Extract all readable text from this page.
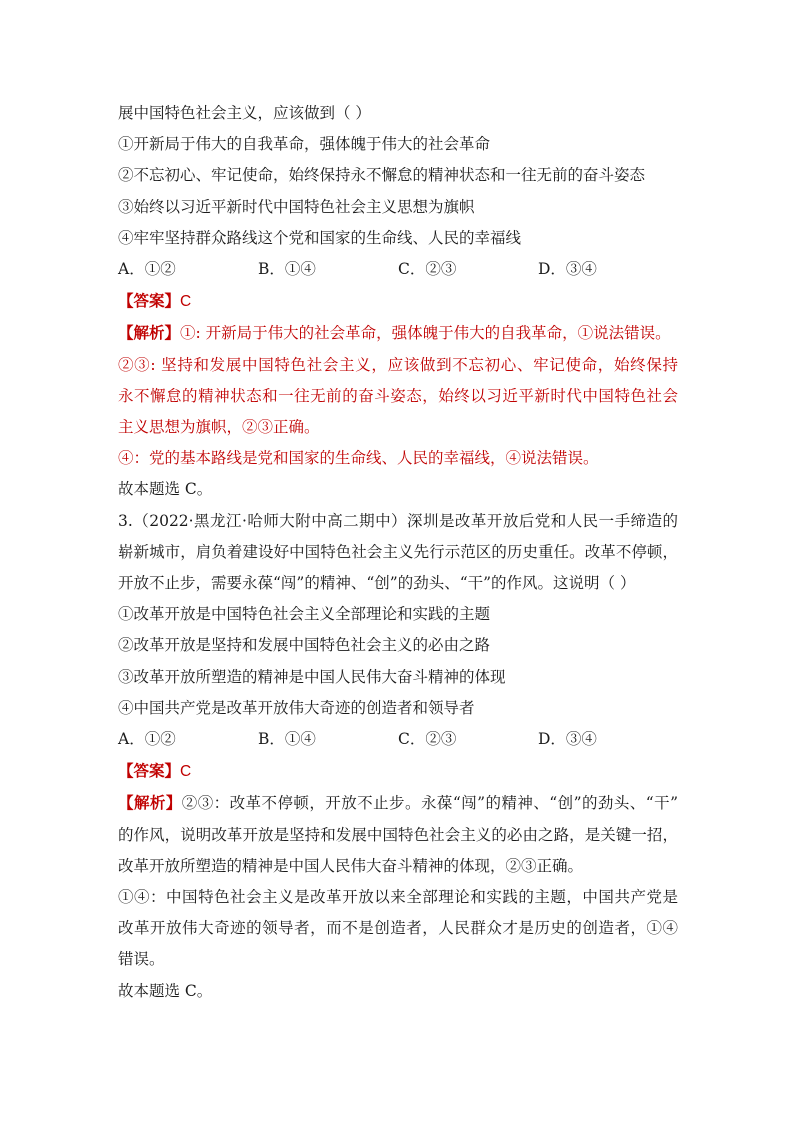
展中国特色社会主义，应该做到（ ）
①开新局于伟大的自我革命，强体魄于伟大的社会革命
②不忘初心、牢记使命，始终保持永不懈怠的精神状态和一往无前的奋斗姿态
③始终以习近平新时代中国特色社会主义思想为旗帜
④牢牢坚持群众路线这个党和国家的生命线、人民的幸福线
A．①②	B．①④	C．②③	D．③④
【答案】C
【解析】①: 开新局于伟大的社会革命，强体魄于伟大的自我革命，①说法错误。
②③: 坚持和发展中国特色社会主义，应该做到不忘初心、牢记使命，始终保持
永不懈怠的精神状态和一往无前的奋斗姿态，始终以习近平新时代中国特色社会
主义思想为旗帜，②③正确。
④：党的基本路线是党和国家的生命线、人民的幸福线，④说法错误。
故本题选 C。
3.（2022·黑龙江·哈师大附中高二期中）深圳是改革开放后党和人民一手缔造的
崭新城市，肩负着建设好中国特色社会主义先行示范区的历史重任。改革不停顿，
开放不止步，需要永葆“闯”的精神、“创”的劲头、“干”的作风。这说明（ ）
①改革开放是中国特色社会主义全部理论和实践的主题
②改革开放是坚持和发展中国特色社会主义的必由之路
③改革开放所塑造的精神是中国人民伟大奋斗精神的体现
④中国共产党是改革开放伟大奇迹的创造者和领导者
A．①②	B．①④	C．②③	D．③④
【答案】C
【解析】②③：改革不停顿，开放不止步。永葆“闯”的精神、“创”的劲头、“干”
的作风，说明改革开放是坚持和发展中国特色社会主义的必由之路，是关键一招，
改革开放所塑造的精神是中国人民伟大奋斗精神的体现，②③正确。
①④：中国特色社会主义是改革开放以来全部理论和实践的主题，中国共产党是
改革开放伟大奇迹的领导者，而不是创造者，人民群众才是历史的创造者，①④
错误。
故本题选 C。
